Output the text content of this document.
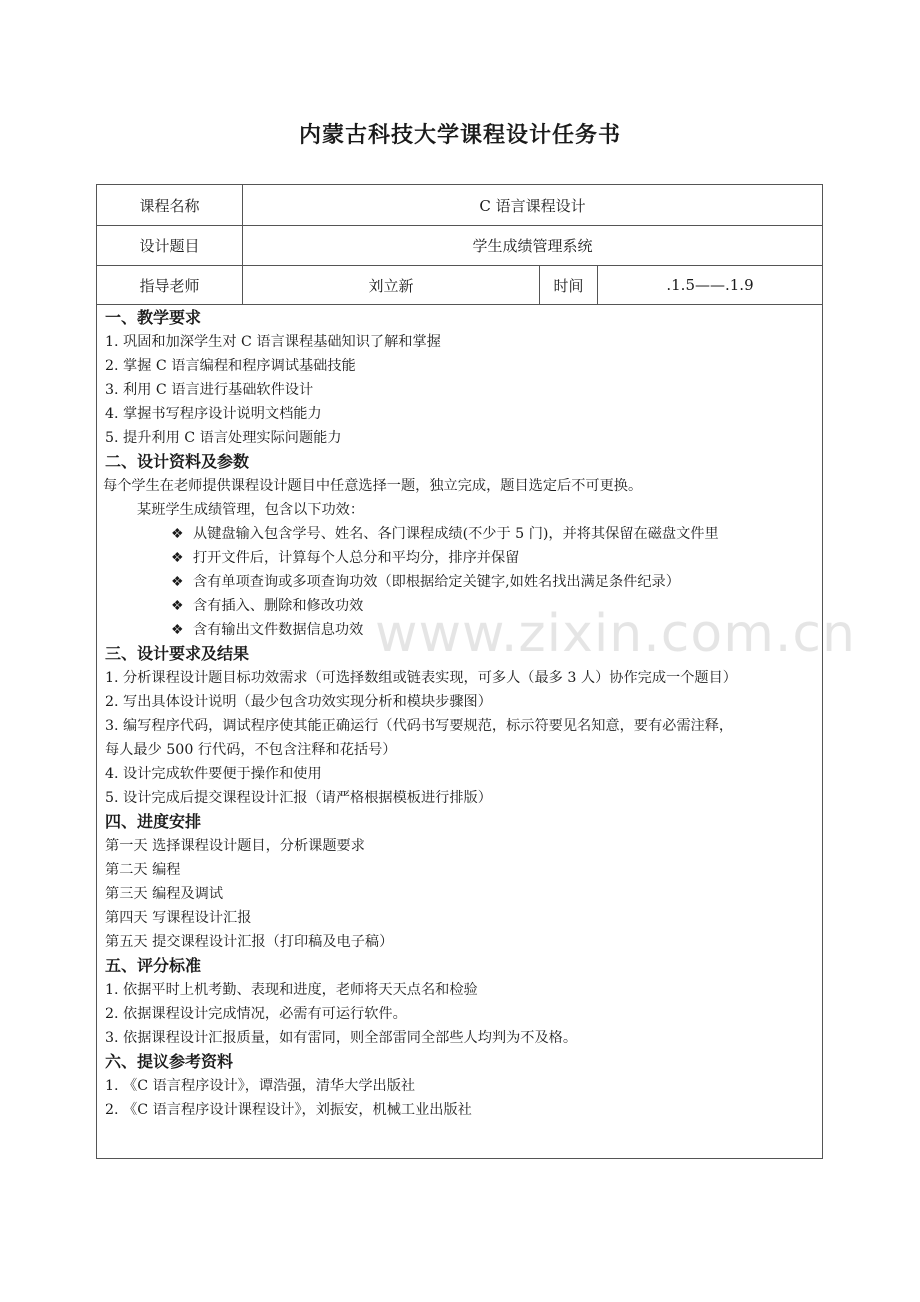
内蒙古科技大学课程设计任务书
课程名称	C 语言课程设计
设计题目	学生成绩管理系统
指导老师	刘立新	时间	.1.5——.1.9
一、教学要求
1. 巩固和加深学生对 C 语言课程基础知识了解和掌握
2. 掌握 C 语言编程和程序调试基础技能
3. 利用 C 语言进行基础软件设计
4. 掌握书写程序设计说明文档能力
5. 提升利用 C 语言处理实际问题能力
二、设计资料及参数
每个学生在老师提供课程设计题目中任意选择一题，独立完成，题目选定后不可更换。
某班学生成绩管理，包含以下功效：
❖ 从键盘输入包含学号、姓名、各门课程成绩(不少于 5 门)，并将其保留在磁盘文件里
❖ 打开文件后，计算每个人总分和平均分，排序并保留
❖ 含有单项查询或多项查询功效（即根据给定关键字,如姓名找出满足条件纪录）
❖ 含有插入、删除和修改功效
❖ 含有输出文件数据信息功效
三、设计要求及结果
1. 分析课程设计题目标功效需求（可选择数组或链表实现，可多人（最多 3 人）协作完成一个题目）
2. 写出具体设计说明（最少包含功效实现分析和模块步骤图）
3. 编写程序代码，调试程序使其能正确运行（代码书写要规范，标示符要见名知意，要有必需注释，
每人最少 500 行代码，不包含注释和花括号）
4. 设计完成软件要便于操作和使用
5. 设计完成后提交课程设计汇报（请严格根据模板进行排版）
四、进度安排
第一天 选择课程设计题目，分析课题要求
第二天 编程
第三天 编程及调试
第四天 写课程设计汇报
第五天 提交课程设计汇报（打印稿及电子稿）
五、评分标准
1. 依据平时上机考勤、表现和进度，老师将天天点名和检验
2. 依据课程设计完成情况，必需有可运行软件。
3. 依据课程设计汇报质量，如有雷同，则全部雷同全部些人均判为不及格。
六、提议参考资料
1. 《C 语言程序设计》，谭浩强，清华大学出版社
2. 《C 语言程序设计课程设计》，刘振安，机械工业出版社
www.zixin.com.cn
